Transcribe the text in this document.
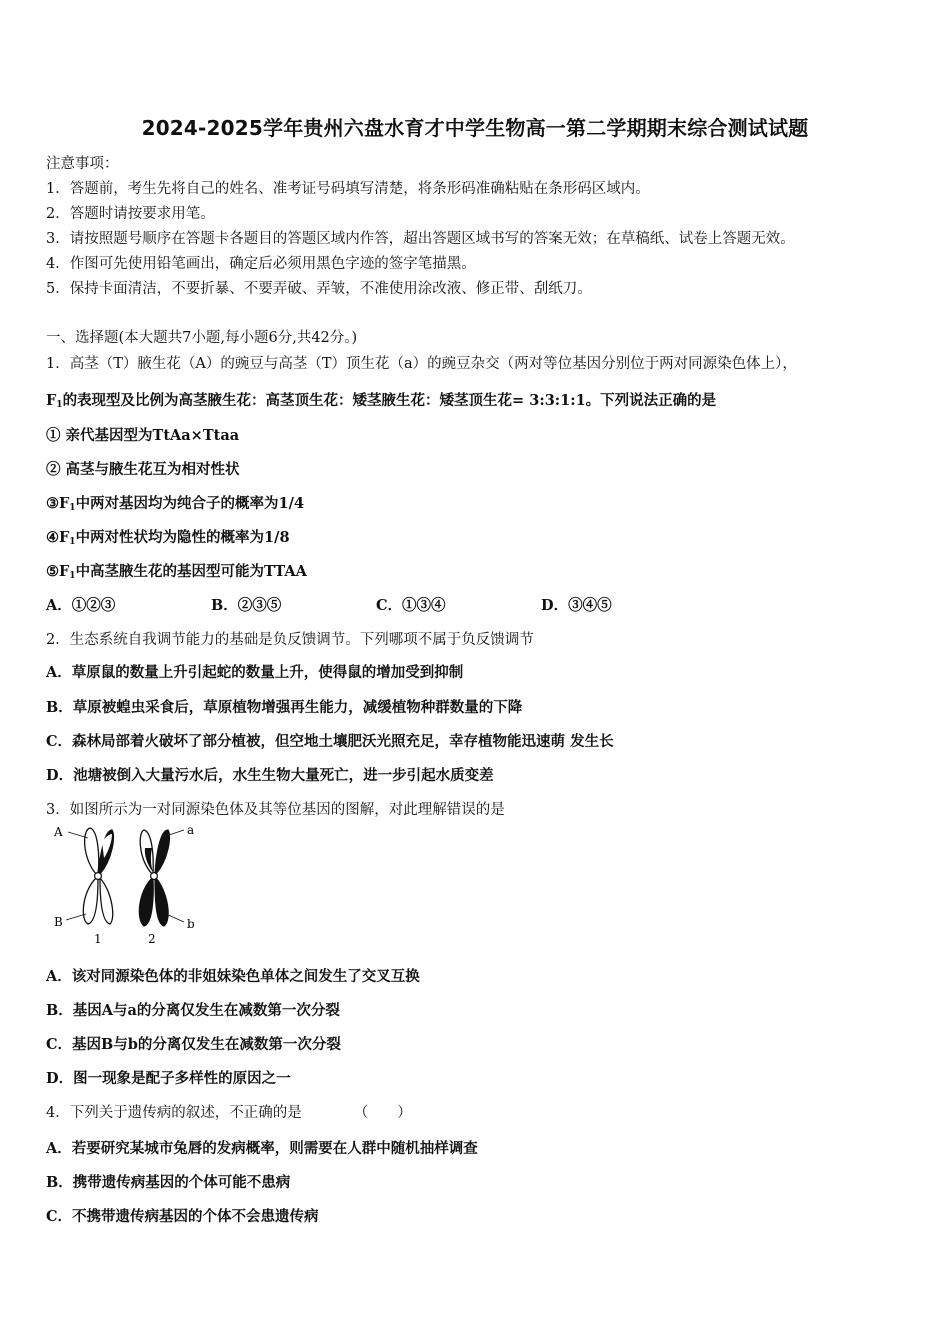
2024-2025学年贵州六盘水育才中学生物高一第二学期期末综合测试试题
注意事项：
1．答题前，考生先将自己的姓名、准考证号码填写清楚，将条形码准确粘贴在条形码区域内。
2．答题时请按要求用笔。
3．请按照题号顺序在答题卡各题目的答题区域内作答，超出答题区域书写的答案无效；在草稿纸、试卷上答题无效。
4．作图可先使用铅笔画出，确定后必须用黑色字迹的签字笔描黑。
5．保持卡面清洁，不要折暴、不要弄破、弄皱，不准使用涂改液、修正带、刮纸刀。
一、选择题(本大题共7小题,每小题6分,共42分。)
1．高茎（T）腋生花（A）的豌豆与高茎（T）顶生花（a）的豌豆杂交（两对等位基因分别位于两对同源染色体上），
$F_1$的表现型及比例为高茎腋生花：高茎顶生花：矮茎腋生花：矮茎顶生花= 3:3:1:1。下列说法正确的是
① 亲代基因型为TtAa×Ttaa
② 高茎与腋生花互为相对性状
$③F_1$中两对基因均为纯合子的概率为1/4
$④F_1$中两对性状均为隐性的概率为1/8
$⑤F_1$中高茎腋生花的基因型可能为TTAA
A．①②③	B．②③⑤	C．①③④	D．③④⑤
2．生态系统自我调节能力的基础是负反馈调节。下列哪项不属于负反馈调节
A．草原鼠的数量上升引起蛇的数量上升，使得鼠的增加受到抑制
B．草原被蝗虫采食后，草原植物增强再生能力，减缓植物种群数量的下降
C．森林局部着火破坏了部分植被，但空地土壤肥沃光照充足，幸存植物能迅速萌 发生长
D．池塘被倒入大量污水后，水生生物大量死亡，进一步引起水质变差
3．如图所示为一对同源染色体及其等位基因的图解，对此理解错误的是
A
B
a
b
1	2
A．该对同源染色体的非姐妹染色单体之间发生了交叉互换
B．基因A与a的分离仅发生在减数第一次分裂
C．基因B与b的分离仅发生在减数第一次分裂
D．图一现象是配子多样性的原因之一
4．下列关于遗传病的叙述，不正确的是	（　　）
A．若要研究某城市兔唇的发病概率，则需要在人群中随机抽样调查
B．携带遗传病基因的个体可能不患病
C．不携带遗传病基因的个体不会患遗传病
